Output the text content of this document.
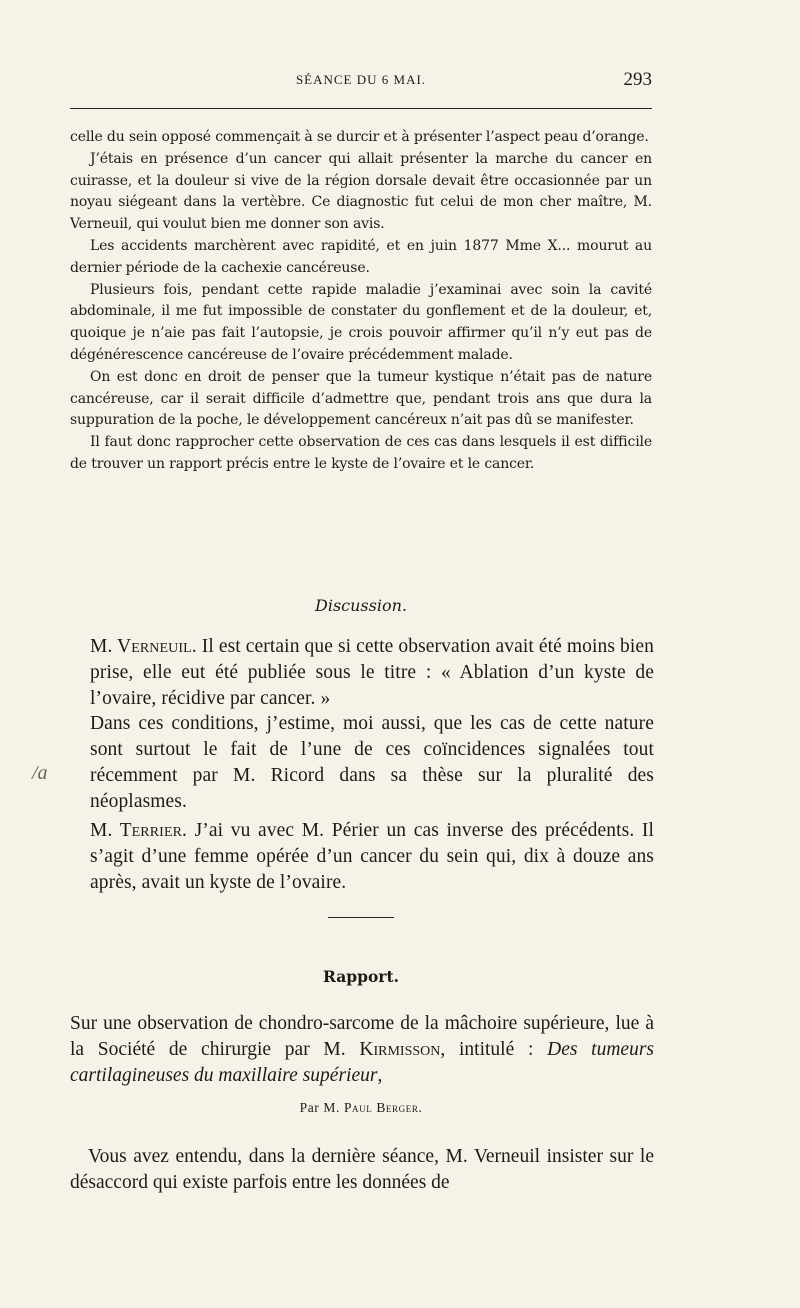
SÉANCE DU 6 MAI.	293

celle du sein opposé commençait à se durcir et à présenter l’aspect peau d’orange.

J’étais en présence d’un cancer qui allait présenter la marche du cancer en cuirasse, et la douleur si vive de la région dorsale devait être occasionnée par un noyau siégeant dans la vertèbre. Ce diagnostic fut celui de mon cher maître, M. Verneuil, qui voulut bien me donner son avis.

Les accidents marchèrent avec rapidité, et en juin 1877 Mme X... mourut au dernier période de la cachexie cancéreuse.

Plusieurs fois, pendant cette rapide maladie j’examinai avec soin la cavité abdominale, il me fut impossible de constater du gonflement et de la douleur, et, quoique je n’aie pas fait l’autopsie, je crois pouvoir affirmer qu’il n’y eut pas de dégénérescence cancéreuse de l’ovaire précédemment malade.

On est donc en droit de penser que la tumeur kystique n’était pas de nature cancéreuse, car il serait difficile d’admettre que, pendant trois ans que dura la suppuration de la poche, le développement cancéreux n’ait pas dû se manifester.

Il faut donc rapprocher cette observation de ces cas dans lesquels il est difficile de trouver un rapport précis entre le kyste de l’ovaire et le cancer.

Discussion.

M. Verneuil. Il est certain que si cette observation avait été moins bien prise, elle eut été publiée sous le titre : « Ablation d’un kyste de l’ovaire, récidive par cancer. »

Dans ces conditions, j’estime, moi aussi, que les cas de cette nature sont surtout le fait de l’une de ces coïncidences signalées tout récemment par M. Ricord dans sa thèse sur la pluralité des néoplasmes.

/a

M. Terrier. J’ai vu avec M. Périer un cas inverse des précédents. Il s’agit d’une femme opérée d’un cancer du sein qui, dix à douze ans après, avait un kyste de l’ovaire.

Rapport.
Sur une observation de chondro-sarcome de la mâchoire supérieure, lue à la Société de chirurgie par M. Kirmisson, intitulé : Des tumeurs cartilagineuses du maxillaire supérieur,
Par M. Paul Berger.

Vous avez entendu, dans la dernière séance, M. Verneuil insister sur le désaccord qui existe parfois entre les données de
